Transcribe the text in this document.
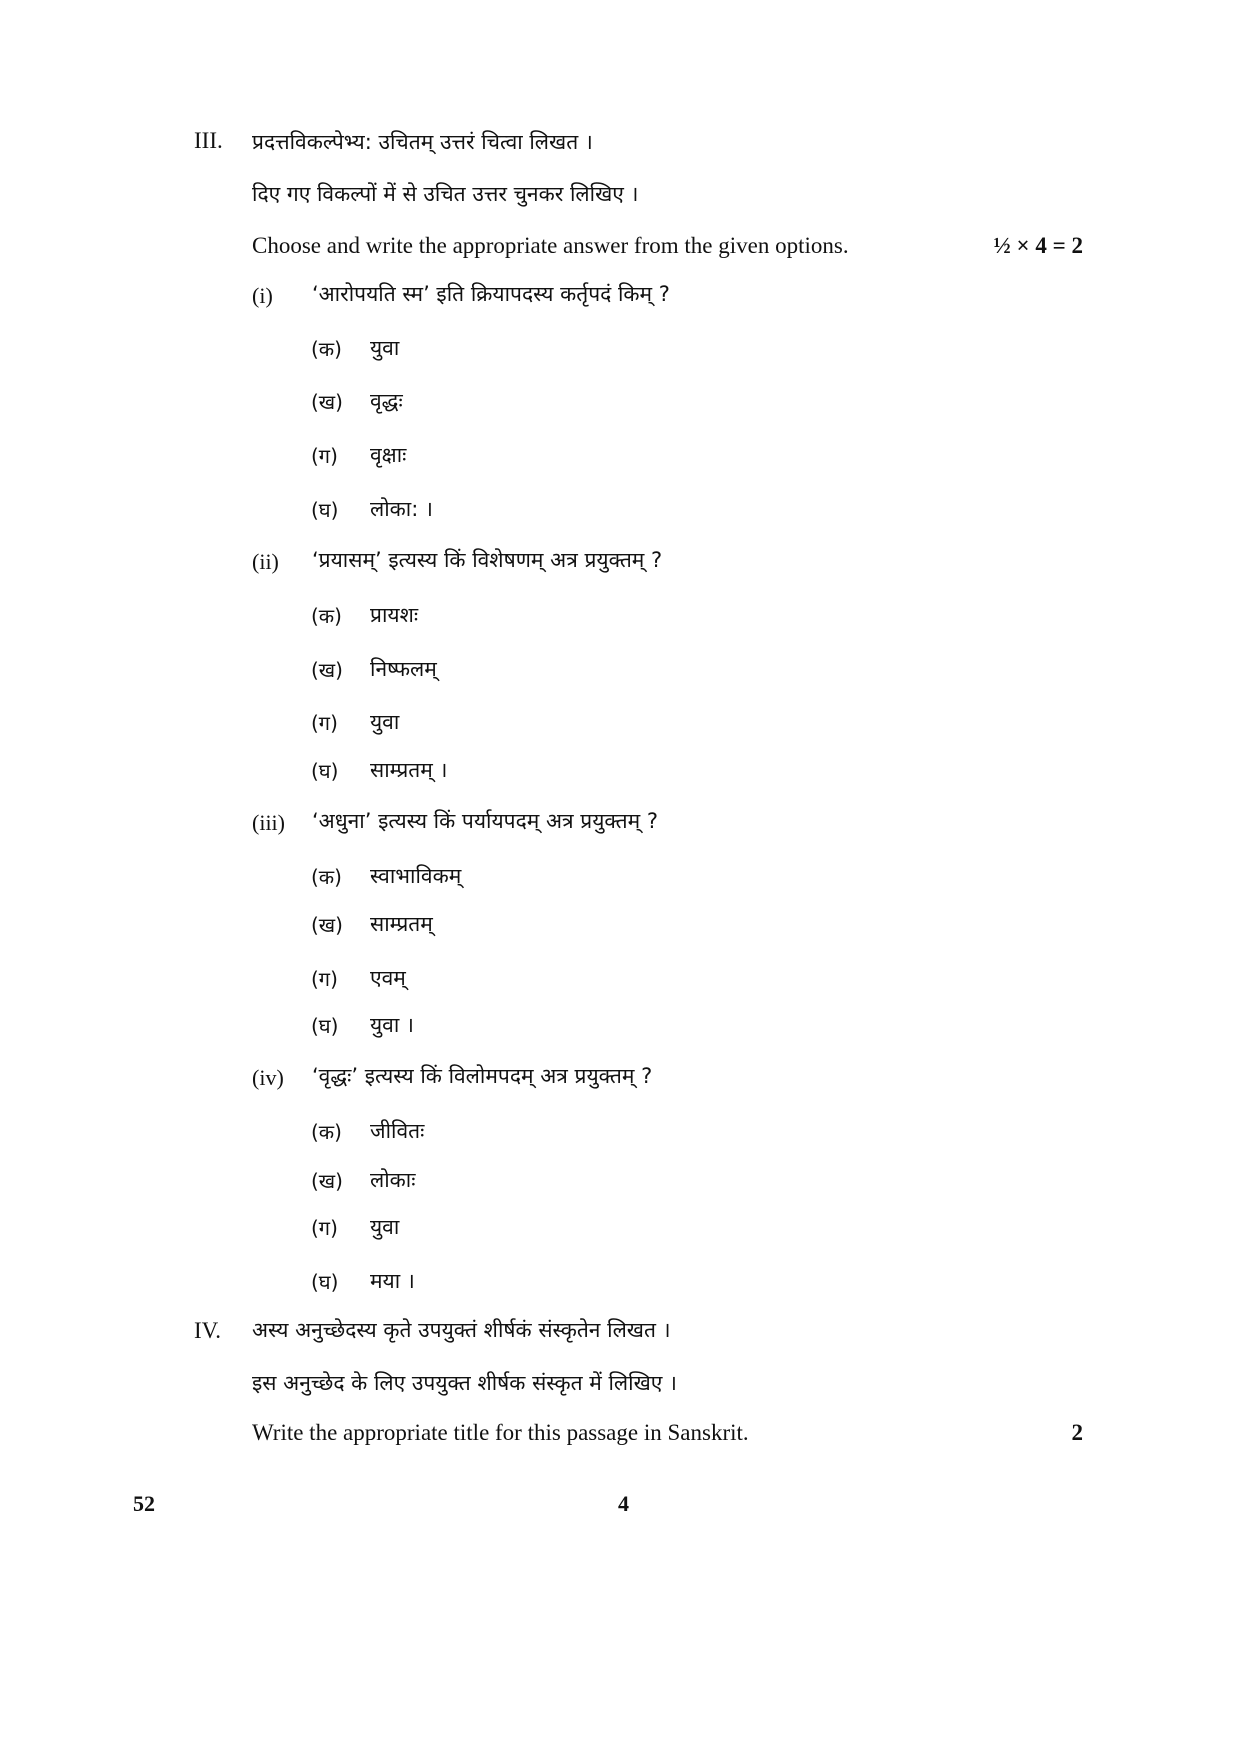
III. प्रदत्तविकल्पेभ्य: उचितम् उत्तरं चित्वा लिखत ।
दिए गए विकल्पों में से उचित उत्तर चुनकर लिखिए ।
Choose and write the appropriate answer from the given options.	½ × 4 = 2
(i) ‘आरोपयति स्म’ इति क्रियापदस्य कर्तृपदं किम् ?
(क) युवा
(ख) वृद्धः
(ग) वृक्षाः
(घ) लोका: ।
(ii) ‘प्रयासम्’ इत्यस्य किं विशेषणम् अत्र प्रयुक्तम् ?
(क) प्रायशः
(ख) निष्फलम्
(ग) युवा
(घ) साम्प्रतम् ।
(iii) ‘अधुना’ इत्यस्य किं पर्यायपदम् अत्र प्रयुक्तम् ?
(क) स्वाभाविकम्
(ख) साम्प्रतम्
(ग) एवम्
(घ) युवा ।
(iv) ‘वृद्धः’ इत्यस्य किं विलोमपदम् अत्र प्रयुक्तम् ?
(क) जीवितः
(ख) लोकाः
(ग) युवा
(घ) मया ।
IV. अस्य अनुच्छेदस्य कृते उपयुक्तं शीर्षकं संस्कृतेन लिखत ।
इस अनुच्छेद के लिए उपयुक्त शीर्षक संस्कृत में लिखिए ।
Write the appropriate title for this passage in Sanskrit.	2
52	4
